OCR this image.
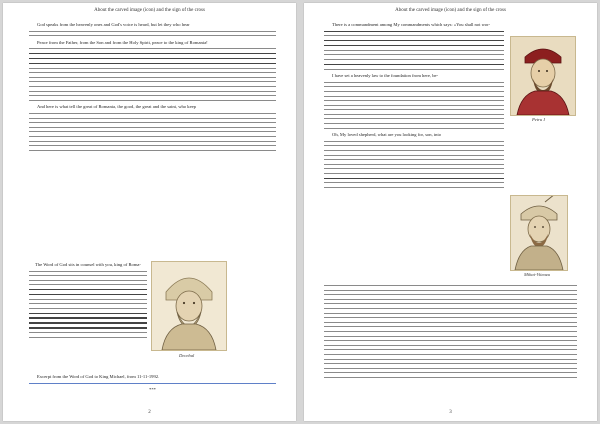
About the carved image (icon) and the sign of the cross
God speaks from the heavenly ones and God's voice is heard, but let they who hear
Peace from the Father, from the Son and from the Holy Spirit, peace to the king of Romania!
And here is what tell the great of Romania, the good, the great and the saint, who keep
The Word of God sits in counsel with you, king of Roma-
Decebal
Excerpt from the Word of God to King Michael, from 11-11-1992.
***
2
About the carved image (icon) and the sign of the cross
There is a commandment among My commandments which says: «You shall not wor-
I have set a heavenly law to the foundation from here, be-
Oh, My loved shepherd, what are you looking for, son, into
Petru I
Mihai-Viteazu
3
